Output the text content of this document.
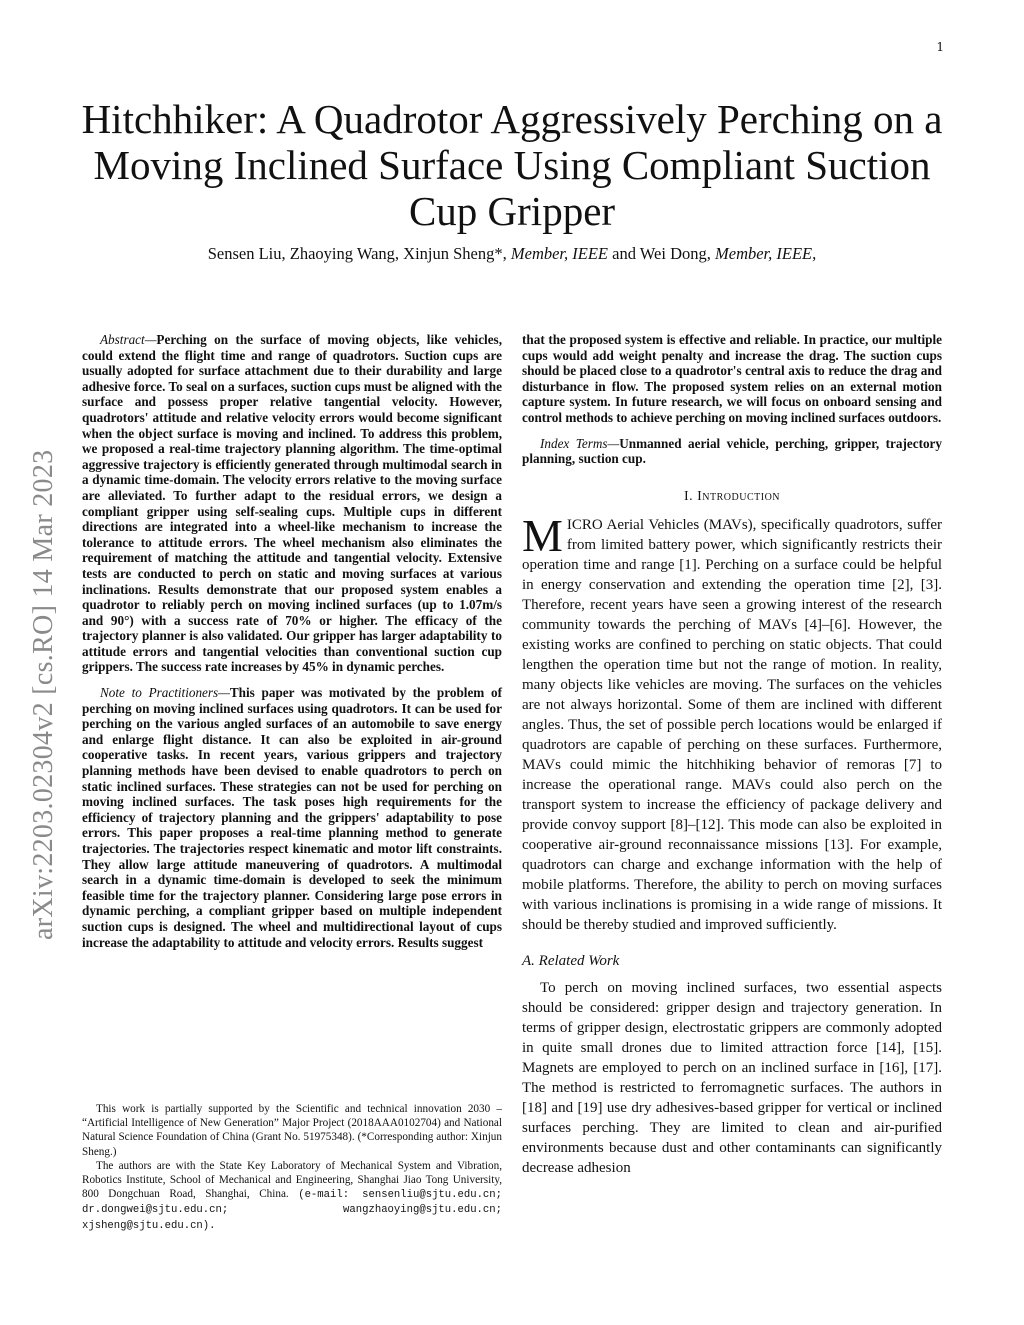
1
arXiv:2203.02304v2 [cs.RO] 14 Mar 2023
Hitchhiker: A Quadrotor Aggressively Perching on a Moving Inclined Surface Using Compliant Suction Cup Gripper
Sensen Liu, Zhaoying Wang, Xinjun Sheng*, Member, IEEE and Wei Dong, Member, IEEE,

Abstract—Perching on the surface of moving objects, like vehicles, could extend the flight time and range of quadrotors. Suction cups are usually adopted for surface attachment due to their durability and large adhesive force. To seal on a surfaces, suction cups must be aligned with the surface and possess proper relative tangential velocity. However, quadrotors' attitude and relative velocity errors would become significant when the object surface is moving and inclined. To address this problem, we proposed a real-time trajectory planning algorithm. The time-optimal aggressive trajectory is efficiently generated through multimodal search in a dynamic time-domain. The velocity errors relative to the moving surface are alleviated. To further adapt to the residual errors, we design a compliant gripper using self-sealing cups. Multiple cups in different directions are integrated into a wheel-like mechanism to increase the tolerance to attitude errors. The wheel mechanism also eliminates the requirement of matching the attitude and tangential velocity. Extensive tests are conducted to perch on static and moving surfaces at various inclinations. Results demonstrate that our proposed system enables a quadrotor to reliably perch on moving inclined surfaces (up to 1.07m/s and 90°) with a success rate of 70% or higher. The efficacy of the trajectory planner is also validated. Our gripper has larger adaptability to attitude errors and tangential velocities than conventional suction cup grippers. The success rate increases by 45% in dynamic perches.

Note to Practitioners—This paper was motivated by the problem of perching on moving inclined surfaces using quadrotors. It can be used for perching on the various angled surfaces of an automobile to save energy and enlarge flight distance. It can also be exploited in air-ground cooperative tasks. In recent years, various grippers and trajectory planning methods have been devised to enable quadrotors to perch on static inclined surfaces. These strategies can not be used for perching on moving inclined surfaces. The task poses high requirements for the efficiency of trajectory planning and the grippers' adaptability to pose errors. This paper proposes a real-time planning method to generate trajectories. The trajectories respect kinematic and motor lift constraints. They allow large attitude maneuvering of quadrotors. A multimodal search in a dynamic time-domain is developed to seek the minimum feasible time for the trajectory planner. Considering large pose errors in dynamic perching, a compliant gripper based on multiple independent suction cups is designed. The wheel and multidirectional layout of cups increase the adaptability to attitude and velocity errors. Results suggest

This work is partially supported by the Scientific and technical innovation 2030 – “Artificial Intelligence of New Generation” Major Project (2018AAA0102704) and National Natural Science Foundation of China (Grant No. 51975348). (*Corresponding author: Xinjun Sheng.)

The authors are with the State Key Laboratory of Mechanical System and Vibration, Robotics Institute, School of Mechanical and Engineering, Shanghai Jiao Tong University, 800 Dongchuan Road, Shanghai, China. (e-mail: sensenliu@sjtu.edu.cn; dr.dongwei@sjtu.edu.cn; wangzhaoying@sjtu.edu.cn; xjsheng@sjtu.edu.cn).

that the proposed system is effective and reliable. In practice, our multiple cups would add weight penalty and increase the drag. The suction cups should be placed close to a quadrotor's central axis to reduce the drag and disturbance in flow. The proposed system relies on an external motion capture system. In future research, we will focus on onboard sensing and control methods to achieve perching on moving inclined surfaces outdoors.

Index Terms—Unmanned aerial vehicle, perching, gripper, trajectory planning, suction cup.

I. Introduction

MICRO Aerial Vehicles (MAVs), specifically quadrotors, suffer from limited battery power, which significantly restricts their operation time and range [1]. Perching on a surface could be helpful in energy conservation and extending the operation time [2], [3]. Therefore, recent years have seen a growing interest of the research community towards the perching of MAVs [4]–[6]. However, the existing works are confined to perching on static objects. That could lengthen the operation time but not the range of motion. In reality, many objects like vehicles are moving. The surfaces on the vehicles are not always horizontal. Some of them are inclined with different angles. Thus, the set of possible perch locations would be enlarged if quadrotors are capable of perching on these surfaces. Furthermore, MAVs could mimic the hitchhiking behavior of remoras [7] to increase the operational range. MAVs could also perch on the transport system to increase the efficiency of package delivery and provide convoy support [8]–[12]. This mode can also be exploited in cooperative air-ground reconnaissance missions [13]. For example, quadrotors can charge and exchange information with the help of mobile platforms. Therefore, the ability to perch on moving surfaces with various inclinations is promising in a wide range of missions. It should be thereby studied and improved sufficiently.

A. Related Work

To perch on moving inclined surfaces, two essential aspects should be considered: gripper design and trajectory generation. In terms of gripper design, electrostatic grippers are commonly adopted in quite small drones due to limited attraction force [14], [15]. Magnets are employed to perch on an inclined surface in [16], [17]. The method is restricted to ferromagnetic surfaces. The authors in [18] and [19] use dry adhesives-based gripper for vertical or inclined surfaces perching. They are limited to clean and air-purified environments because dust and other contaminants can significantly decrease adhesion
